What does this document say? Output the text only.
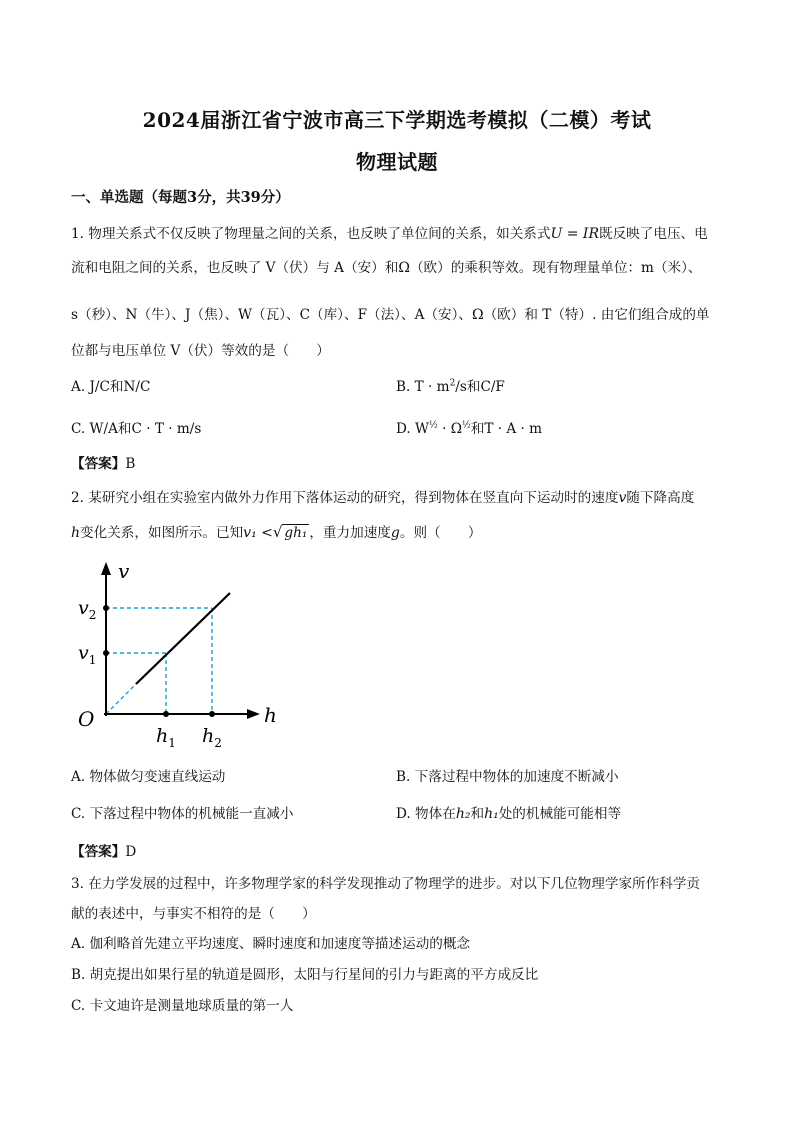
2024届浙江省宁波市高三下学期选考模拟（二模）考试
物理试题
一、单选题（每题3分，共39分）
1. 物理关系式不仅反映了物理量之间的关系，也反映了单位间的关系，如关系式U = IR既反映了电压、电
流和电阻之间的关系，也反映了 V（伏）与 A（安）和Ω（欧）的乘积等效。现有物理量单位：m（米）、
s（秒）、N（牛）、J（焦）、W（瓦）、C（库）、F（法）、A（安）、Ω（欧）和 T（特）. 由它们组合成的单
位都与电压单位 V（伏）等效的是（　　）
A. J/C和N/C	B. $T \cdot m^2/s$和C/F
C. W/A和C · T · m/s	D. $W^{\frac{1}{2}} \cdot \Omega^{\frac{1}{2}}$和T · A · m
【答案】B
2. 某研究小组在实验室内做外力作用下落体运动的研究，得到物体在竖直向下运动时的速度v随下降高度
h变化关系，如图所示。已知v₁ <√ gh₁ ，重力加速度g。则（　　）
v
h
O
$v_2$
$v_1$
$h_1$ $h_2$
A. 物体做匀变速直线运动	B. 下落过程中物体的加速度不断减小
C. 下落过程中物体的机械能一直减小	D. 物体在h₂和h₁处的机械能可能相等
【答案】D
3. 在力学发展的过程中，许多物理学家的科学发现推动了物理学的进步。对以下几位物理学家所作科学贡
献的表述中，与事实不相符的是（　　）
A. 伽利略首先建立平均速度、瞬时速度和加速度等描述运动的概念
B. 胡克提出如果行星的轨道是圆形，太阳与行星间的引力与距离的平方成反比
C. 卡文迪许是测量地球质量的第一人
